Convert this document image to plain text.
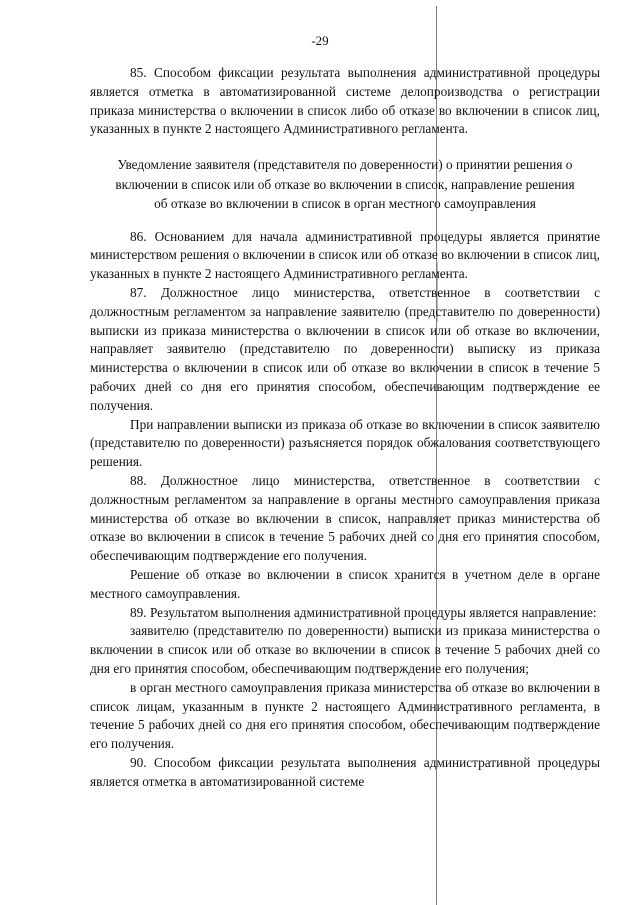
-29

85. Способом фиксации результата выполнения административной процедуры является отметка в автоматизированной системе делопроизводства о регистрации приказа министерства о включении в список либо об отказе во включении в список лиц, указанных в пункте 2 настоящего Административного регламента.

Уведомление заявителя (представителя по доверенности) о принятии решения о включении в список или об отказе во включении в список, направление решения об отказе во включении в список в орган местного самоуправления

86. Основанием для начала административной процедуры является принятие министерством решения о включении в список или об отказе во включении в список лиц, указанных в пункте 2 настоящего Административного регламента.

87. Должностное лицо министерства, ответственное в соответствии с должностным регламентом за направление заявителю (представителю по доверенности) выписки из приказа министерства о включении в список или об отказе во включении, направляет заявителю (представителю по доверенности) выписку из приказа министерства о включении в список или об отказе во включении в список в течение 5 рабочих дней со дня его принятия способом, обеспечивающим подтверждение ее получения.

При направлении выписки из приказа об отказе во включении в список заявителю (представителю по доверенности) разъясняется порядок обжалования соответствующего решения.

88. Должностное лицо министерства, ответственное в соответствии с должностным регламентом за направление в органы местного самоуправления приказа министерства об отказе во включении в список, направляет приказ министерства об отказе во включении в список в течение 5 рабочих дней со дня его принятия способом, обеспечивающим подтверждение его получения.

Решение об отказе во включении в список хранится в учетном деле в органе местного самоуправления.

89. Результатом выполнения административной процедуры является направление:

заявителю (представителю по доверенности) выписки из приказа министерства о включении в список или об отказе во включении в список в течение 5 рабочих дней со дня его принятия способом, обеспечивающим подтверждение его получения;

в орган местного самоуправления приказа министерства об отказе во включении в список лицам, указанным в пункте 2 настоящего Административного регламента, в течение 5 рабочих дней со дня его принятия способом, обеспечивающим подтверждение его получения.

90. Способом фиксации результата выполнения административной процедуры является отметка в автоматизированной системе
